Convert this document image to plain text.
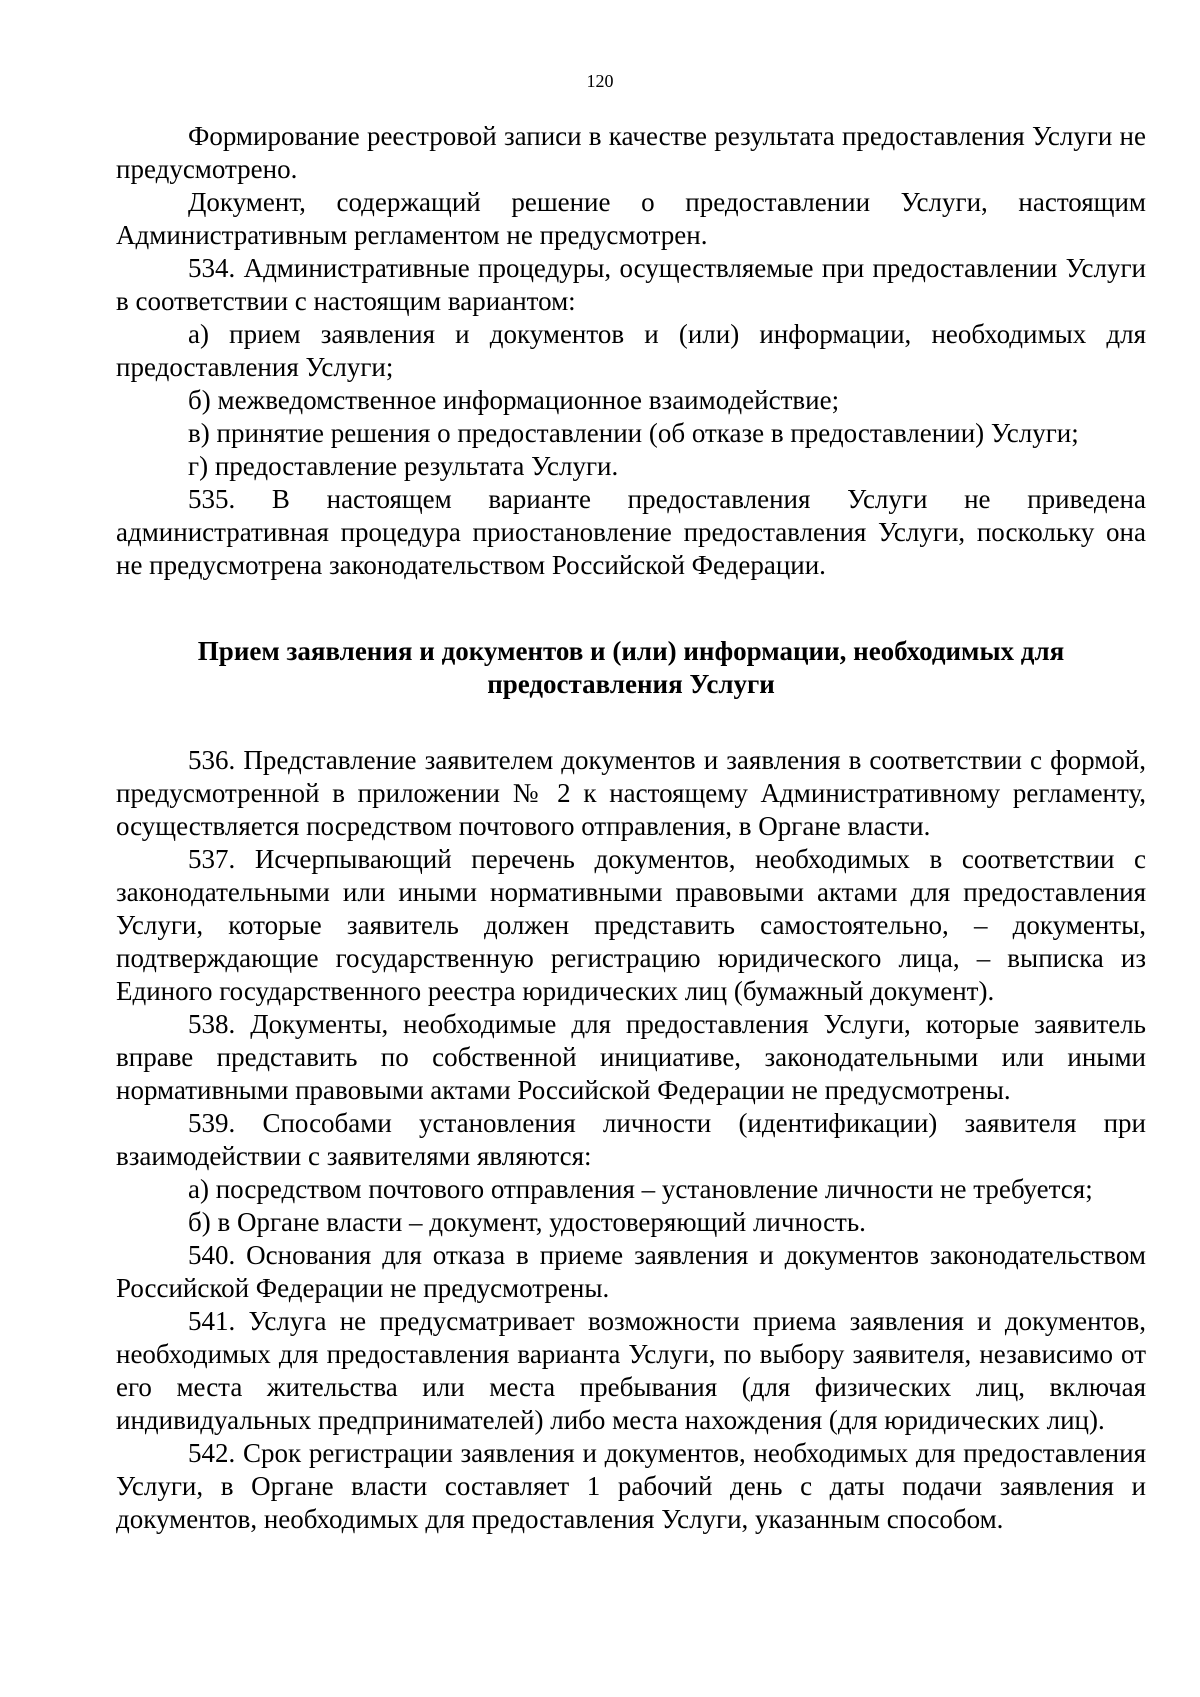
120

Формирование реестровой записи в качестве результата предоставления Услуги не предусмотрено.

Документ, содержащий решение о предоставлении Услуги, настоящим Административным регламентом не предусмотрен.

534. Административные процедуры, осуществляемые при предоставлении Услуги в соответствии с настоящим вариантом:

а) прием заявления и документов и (или) информации, необходимых для предоставления Услуги;

б) межведомственное информационное взаимодействие;

в) принятие решения о предоставлении (об отказе в предоставлении) Услуги;

г) предоставление результата Услуги.

535. В настоящем варианте предоставления Услуги не приведена административная процедура приостановление предоставления Услуги, поскольку она не предусмотрена законодательством Российской Федерации.

Прием заявления и документов и (или) информации, необходимых для предоставления Услуги

536. Представление заявителем документов и заявления в соответствии с формой, предусмотренной в приложении № 2 к настоящему Административному регламенту, осуществляется посредством почтового отправления, в Органе власти.

537. Исчерпывающий перечень документов, необходимых в соответствии с законодательными или иными нормативными правовыми актами для предоставления Услуги, которые заявитель должен представить самостоятельно, – документы, подтверждающие государственную регистрацию юридического лица, – выписка из Единого государственного реестра юридических лиц (бумажный документ).

538. Документы, необходимые для предоставления Услуги, которые заявитель вправе представить по собственной инициативе, законодательными или иными нормативными правовыми актами Российской Федерации не предусмотрены.

539. Способами установления личности (идентификации) заявителя при взаимодействии с заявителями являются:

а) посредством почтового отправления – установление личности не требуется;

б) в Органе власти – документ, удостоверяющий личность.

540. Основания для отказа в приеме заявления и документов законодательством Российской Федерации не предусмотрены.

541. Услуга не предусматривает возможности приема заявления и документов, необходимых для предоставления варианта Услуги, по выбору заявителя, независимо от его места жительства или места пребывания (для физических лиц, включая индивидуальных предпринимателей) либо места нахождения (для юридических лиц).

542. Срок регистрации заявления и документов, необходимых для предоставления Услуги, в Органе власти составляет 1 рабочий день с даты подачи заявления и документов, необходимых для предоставления Услуги, указанным способом.
